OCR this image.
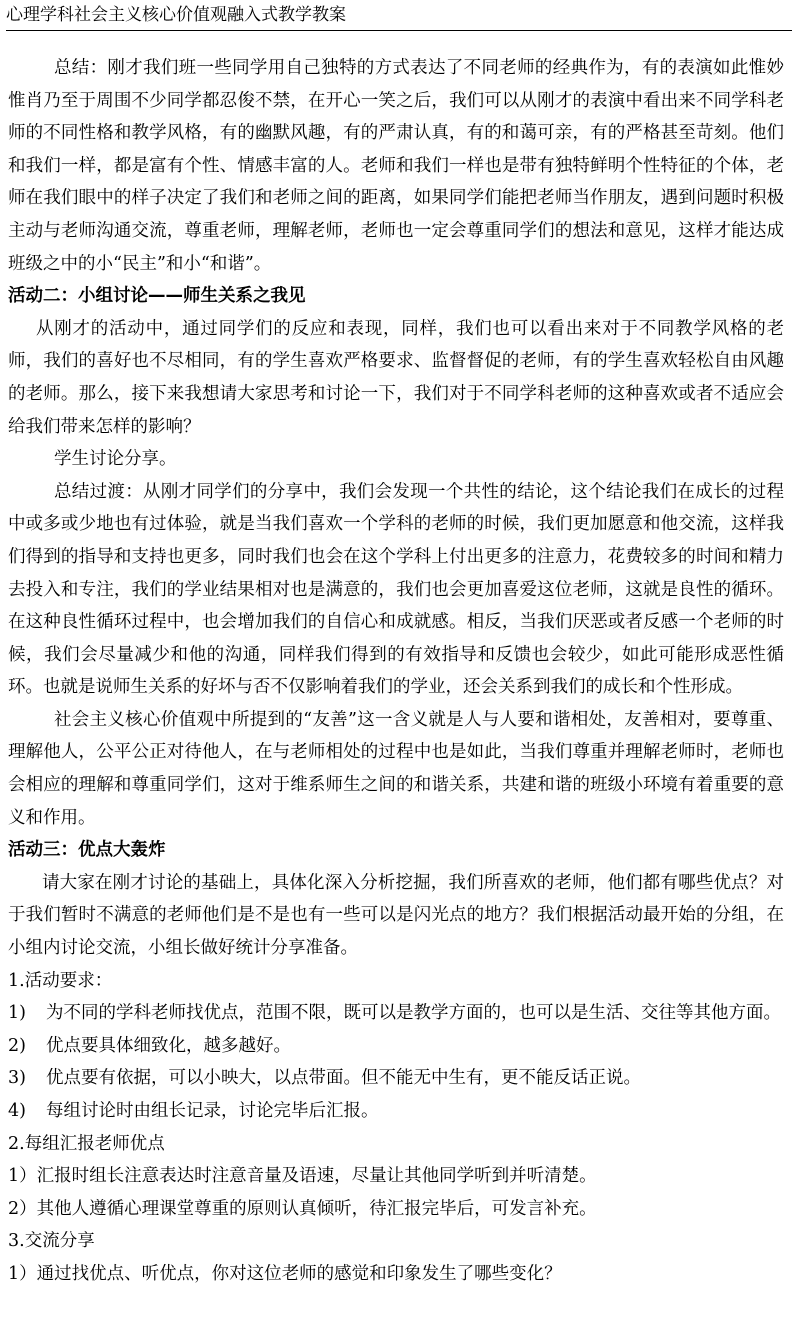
心理学科社会主义核心价值观融入式教学教案

总结：刚才我们班一些同学用自己独特的方式表达了不同老师的经典作为，有的表演如此惟妙惟肖乃至于周围不少同学都忍俊不禁，在开心一笑之后，我们可以从刚才的表演中看出来不同学科老师的不同性格和教学风格，有的幽默风趣，有的严肃认真，有的和蔼可亲，有的严格甚至苛刻。他们和我们一样，都是富有个性、情感丰富的人。老师和我们一样也是带有独特鲜明个性特征的个体，老师在我们眼中的样子决定了我们和老师之间的距离，如果同学们能把老师当作朋友，遇到问题时积极主动与老师沟通交流，尊重老师，理解老师，老师也一定会尊重同学们的想法和意见，这样才能达成班级之中的小“民主”和小“和谐”。

活动二：小组讨论——师生关系之我见

从刚才的活动中，通过同学们的反应和表现，同样，我们也可以看出来对于不同教学风格的老师，我们的喜好也不尽相同，有的学生喜欢严格要求、监督督促的老师，有的学生喜欢轻松自由风趣的老师。那么，接下来我想请大家思考和讨论一下，我们对于不同学科老师的这种喜欢或者不适应会给我们带来怎样的影响？

学生讨论分享。

总结过渡：从刚才同学们的分享中，我们会发现一个共性的结论，这个结论我们在成长的过程中或多或少地也有过体验，就是当我们喜欢一个学科的老师的时候，我们更加愿意和他交流，这样我们得到的指导和支持也更多，同时我们也会在这个学科上付出更多的注意力，花费较多的时间和精力去投入和专注，我们的学业结果相对也是满意的，我们也会更加喜爱这位老师，这就是良性的循环。在这种良性循环过程中，也会增加我们的自信心和成就感。相反，当我们厌恶或者反感一个老师的时候，我们会尽量减少和他的沟通，同样我们得到的有效指导和反馈也会较少，如此可能形成恶性循环。也就是说师生关系的好坏与否不仅影响着我们的学业，还会关系到我们的成长和个性形成。

社会主义核心价值观中所提到的“友善”这一含义就是人与人要和谐相处，友善相对，要尊重、理解他人，公平公正对待他人，在与老师相处的过程中也是如此，当我们尊重并理解老师时，老师也会相应的理解和尊重同学们，这对于维系师生之间的和谐关系，共建和谐的班级小环境有着重要的意义和作用。

活动三：优点大轰炸

请大家在刚才讨论的基础上，具体化深入分析挖掘，我们所喜欢的老师，他们都有哪些优点？对于我们暂时不满意的老师他们是不是也有一些可以是闪光点的地方？我们根据活动最开始的分组，在小组内讨论交流，小组长做好统计分享准备。

1.活动要求：

1)	为不同的学科老师找优点，范围不限，既可以是教学方面的，也可以是生活、交往等其他方面。
2)	优点要具体细致化，越多越好。
3)	优点要有依据，可以小映大，以点带面。但不能无中生有，更不能反话正说。
4)	每组讨论时由组长记录，讨论完毕后汇报。

2.每组汇报老师优点

1）汇报时组长注意表达时注意音量及语速，尽量让其他同学听到并听清楚。

2）其他人遵循心理课堂尊重的原则认真倾听，待汇报完毕后，可发言补充。

3.交流分享

1）通过找优点、听优点，你对这位老师的感觉和印象发生了哪些变化？
